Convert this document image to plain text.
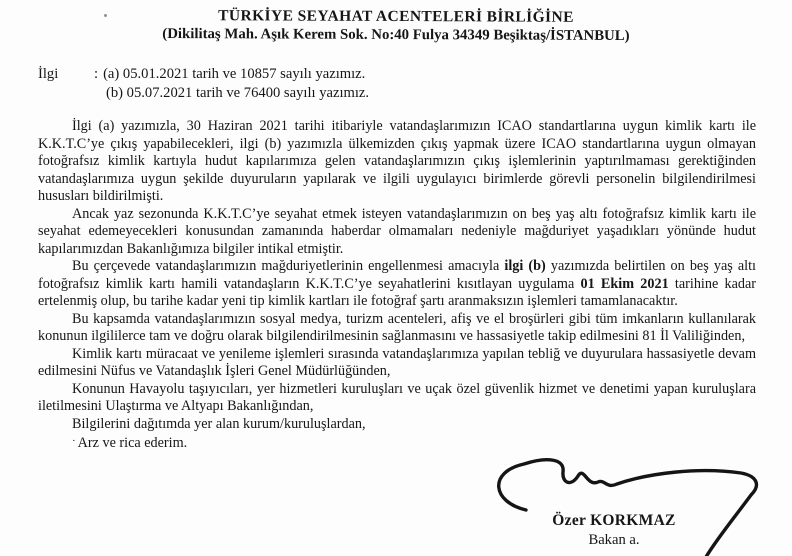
TÜRKİYE SEYAHAT ACENTELERİ BİRLİĞİNE
(Dikilitaş Mah. Aşık Kerem Sok. No:40 Fulya 34349 Beşiktaş/İSTANBUL)
İlgi : (a) 05.01.2021 tarih ve 10857 sayılı yazımız.
(b) 05.07.2021 tarih ve 76400 sayılı yazımız.

İlgi (a) yazımızla, 30 Haziran 2021 tarihi itibariyle vatandaşlarımızın ICAO standartlarına uygun kimlik kartı ile K.K.T.C’ye çıkış yapabilecekleri, ilgi (b) yazımızla ülkemizden çıkış yapmak üzere ICAO standartlarına uygun olmayan fotoğrafsız kimlik kartıyla hudut kapılarımıza gelen vatandaşlarımızın çıkış işlemlerinin yaptırılmaması gerektiğinden vatandaşlarımıza uygun şekilde duyuruların yapılarak ve ilgili uygulayıcı birimlerde görevli personelin bilgilendirilmesi hususları bildirilmişti.

Ancak yaz sezonunda K.K.T.C’ye seyahat etmek isteyen vatandaşlarımızın on beş yaş altı fotoğrafsız kimlik kartı ile seyahat edemeyecekleri konusundan zamanında haberdar olmamaları nedeniyle mağduriyet yaşadıkları yönünde hudut kapılarımızdan Bakanlığımıza bilgiler intikal etmiştir.

Bu çerçevede vatandaşlarımızın mağduriyetlerinin engellenmesi amacıyla ilgi (b) yazımızda belirtilen on beş yaş altı fotoğrafsız kimlik kartı hamili vatandaşların K.K.T.C’ye seyahatlerini kısıtlayan uygulama 01 Ekim 2021 tarihine kadar ertelenmiş olup, bu tarihe kadar yeni tip kimlik kartları ile fotoğraf şartı aranmaksızın işlemleri tamamlanacaktır.

Bu kapsamda vatandaşlarımızın sosyal medya, turizm acenteleri, afiş ve el broşürleri gibi tüm imkanların kullanılarak konunun ilgililerce tam ve doğru olarak bilgilendirilmesinin sağlanmasını ve hassasiyetle takip edilmesini 81 İl Valiliğinden,

Kimlik kartı müracaat ve yenileme işlemleri sırasında vatandaşlarımıza yapılan tebliğ ve duyurulara hassasiyetle devam edilmesini Nüfus ve Vatandaşlık İşleri Genel Müdürlüğünden,

Konunun Havayolu taşıyıcıları, yer hizmetleri kuruluşları ve uçak özel güvenlik hizmet ve denetimi yapan kuruluşlara iletilmesini Ulaştırma ve Altyapı Bakanlığından,

Bilgilerini dağıtımda yer alan kurum/kuruluşlardan,

· Arz ve rica ederim.

Özer KORKMAZ
Bakan a.
